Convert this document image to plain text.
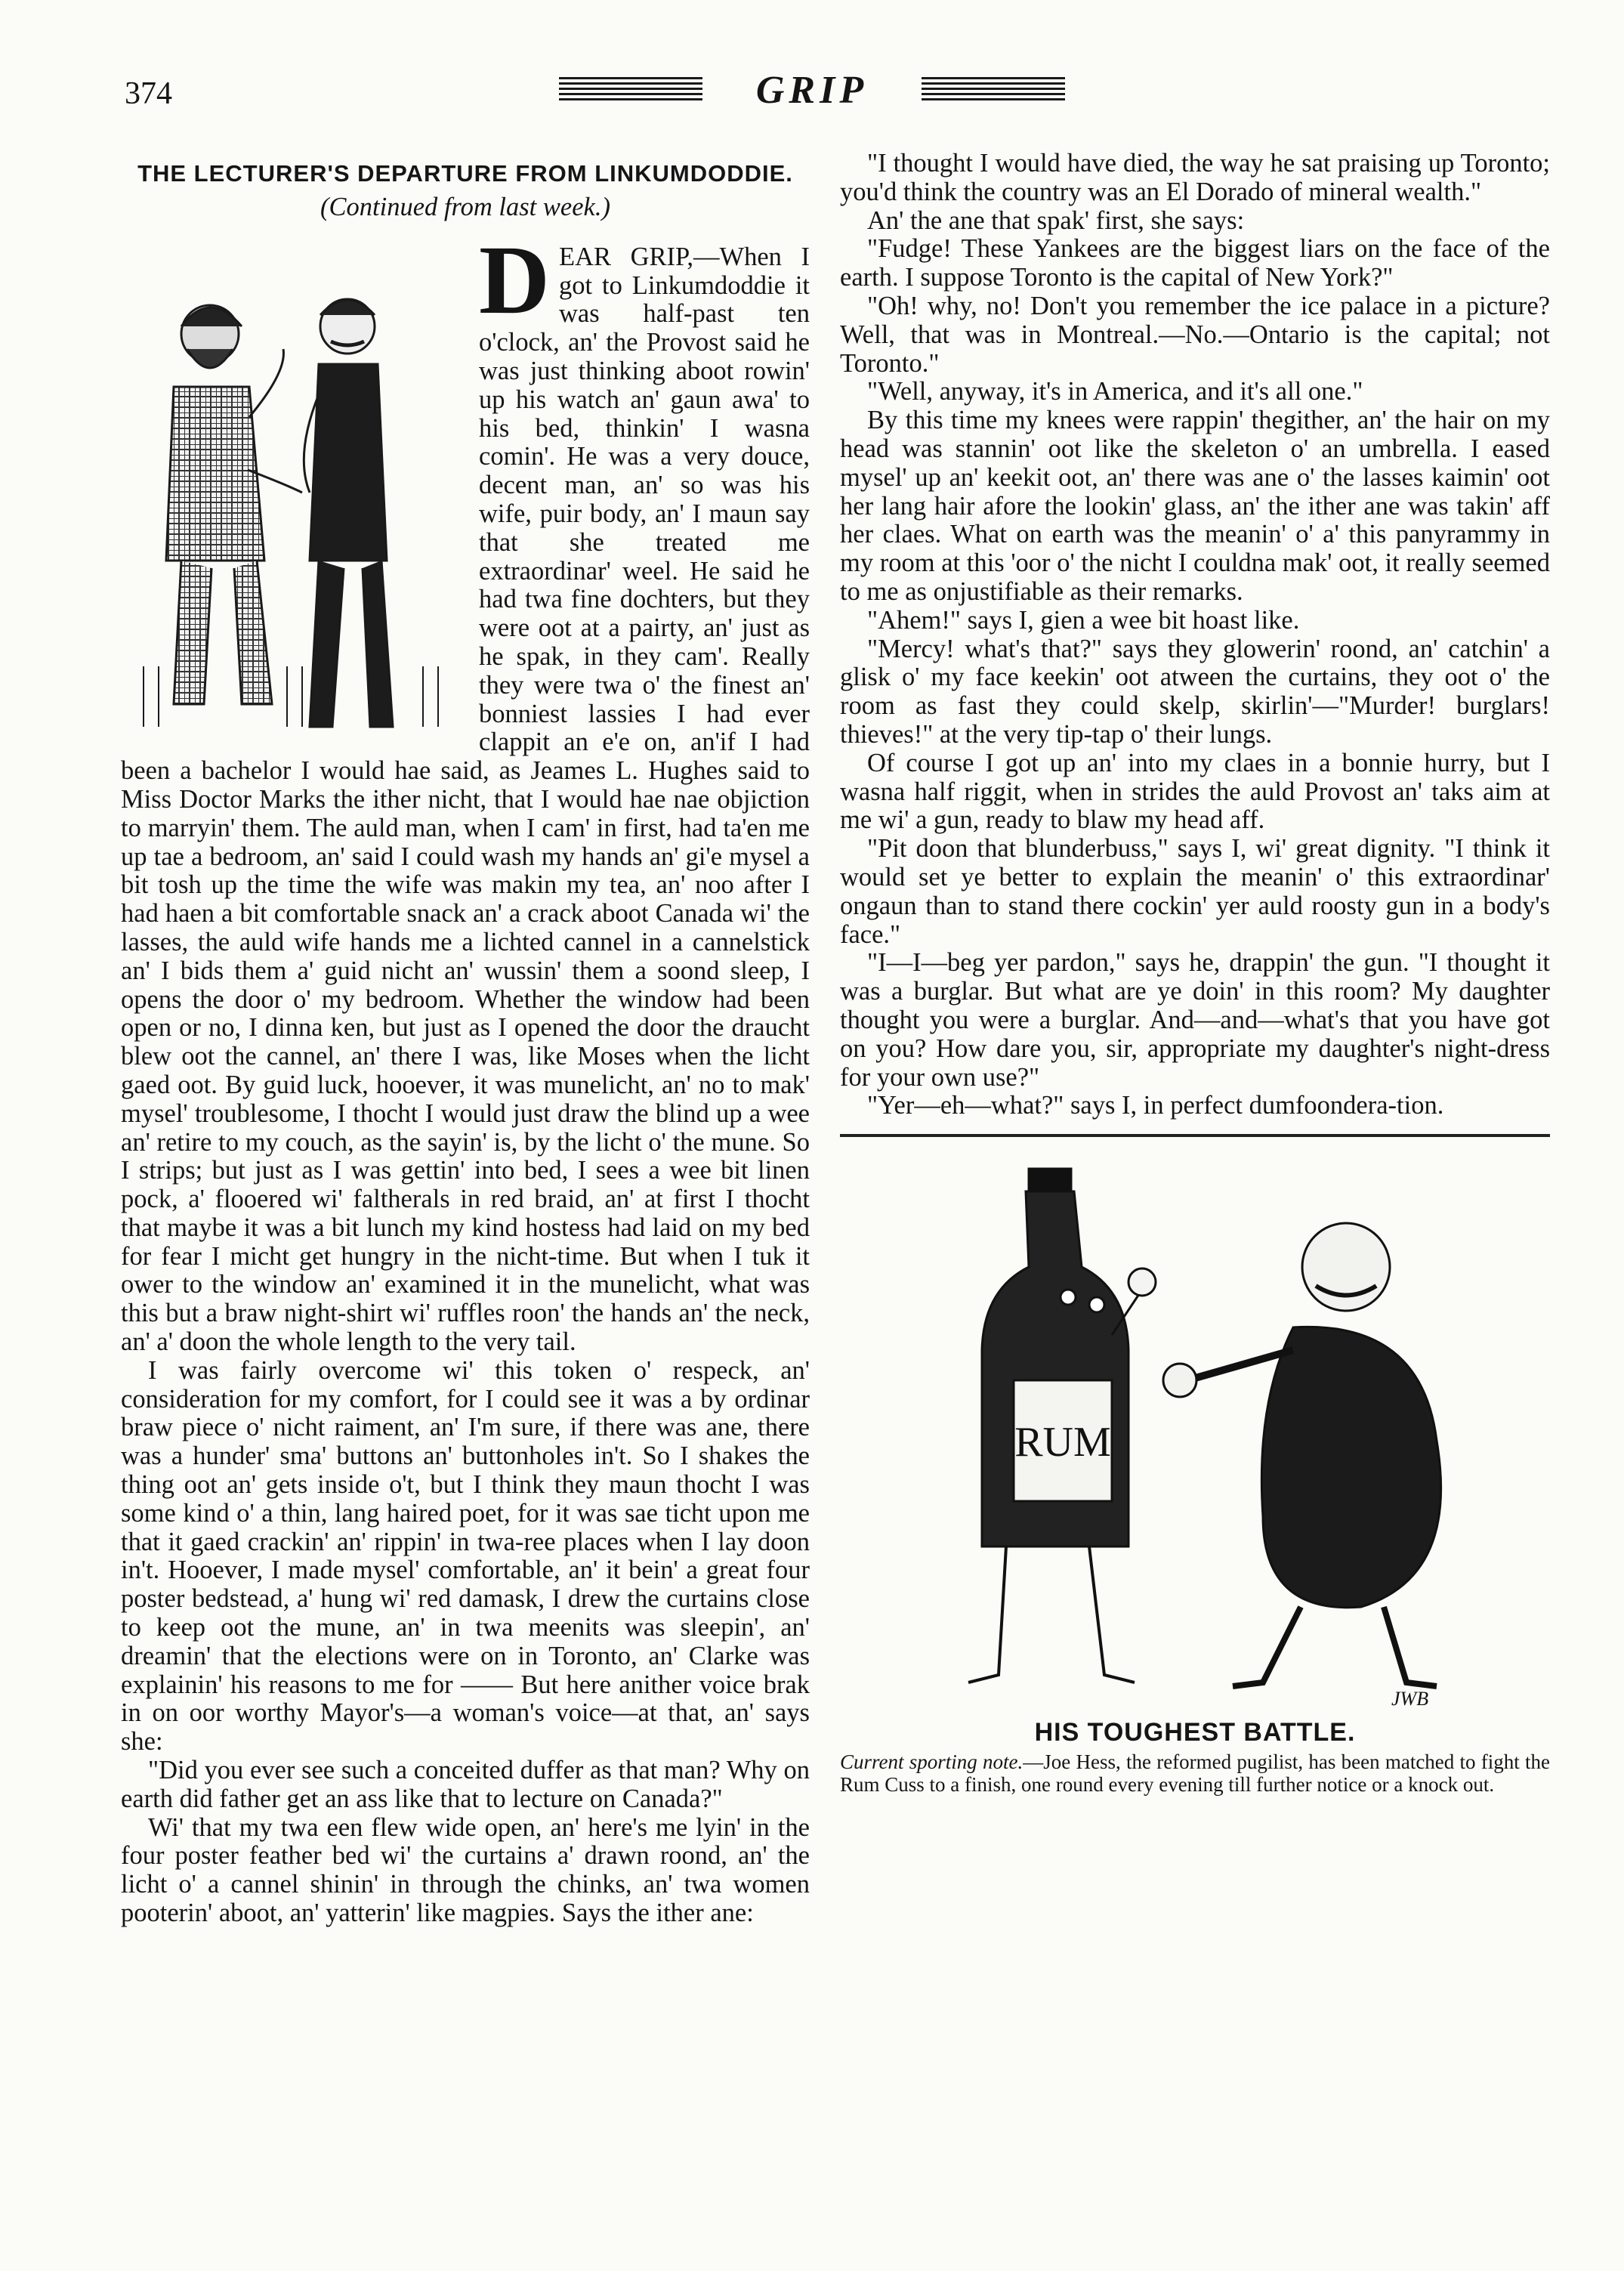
374	GRIP

THE LECTURER'S DEPARTURE FROM LINKUMDODDIE.

(Continued from last week.)

D EAR GRIP,—When I got to Linkumdoddie it was half-past ten o'clock, an' the Provost said he was just thinking aboot rowin' up his watch an' gaun awa' to his bed, thinkin' I wasna comin'. He was a very douce, decent man, an' so was his wife, puir body, an' I maun say that she treated me extraordinar' weel. He said he had twa fine dochters, but they were oot at a pairty, an' just as he spak, in they cam'. Really they were twa o' the finest an' bonniest lassies I had ever clappit an e'e on, an'if I had been a bachelor I would hae said, as Jeames L. Hughes said to Miss Doctor Marks the ither nicht, that I would hae nae objiction to marryin' them. The auld man, when I cam' in first, had ta'en me up tae a bedroom, an' said I could wash my hands an' gi'e mysel a bit tosh up the time the wife was makin my tea, an' noo after I had haen a bit comfortable snack an' a crack aboot Canada wi' the lasses, the auld wife hands me a lichted cannel in a cannelstick an' I bids them a' guid nicht an' wussin' them a soond sleep, I opens the door o' my bedroom. Whether the window had been open or no, I dinna ken, but just as I opened the door the draucht blew oot the cannel, an' there I was, like Moses when the licht gaed oot. By guid luck, hooever, it was munelicht, an' no to mak' mysel' troublesome, I thocht I would just draw the blind up a wee an' retire to my couch, as the sayin' is, by the licht o' the mune. So I strips; but just as I was gettin' into bed, I sees a wee bit linen pock, a' flooered wi' faltherals in red braid, an' at first I thocht that maybe it was a bit lunch my kind hostess had laid on my bed for fear I micht get hungry in the nicht-time. But when I tuk it ower to the window an' examined it in the munelicht, what was this but a braw night-shirt wi' ruffles roon' the hands an' the neck, an' a' doon the whole length to the very tail.

I was fairly overcome wi' this token o' respeck, an' consideration for my comfort, for I could see it was a by ordinar braw piece o' nicht raiment, an' I'm sure, if there was ane, there was a hunder' sma' buttons an' buttonholes in't. So I shakes the thing oot an' gets inside o't, but I think they maun thocht I was some kind o' a thin, lang haired poet, for it was sae ticht upon me that it gaed crackin' an' rippin' in twa-ree places when I lay doon in't. Hooever, I made mysel' comfortable, an' it bein' a great four poster bedstead, a' hung wi' red damask, I drew the curtains close to keep oot the mune, an' in twa meenits was sleepin', an' dreamin' that the elections were on in Toronto, an' Clarke was explainin' his reasons to me for —— But here anither voice brak in on oor worthy Mayor's—a woman's voice—at that, an' says she:

"Did you ever see such a conceited duffer as that man? Why on earth did father get an ass like that to lecture on Canada?"

Wi' that my twa een flew wide open, an' here's me lyin' in the four poster feather bed wi' the curtains a' drawn roond, an' the licht o' a cannel shinin' in through the chinks, an' twa women pooterin' aboot, an' yatterin' like magpies. Says the ither ane:

"I thought I would have died, the way he sat praising up Toronto; you'd think the country was an El Dorado of mineral wealth."

An' the ane that spak' first, she says:

"Fudge! These Yankees are the biggest liars on the face of the earth. I suppose Toronto is the capital of New York?"

"Oh! why, no! Don't you remember the ice palace in a picture? Well, that was in Montreal.—No.—Ontario is the capital; not Toronto."

"Well, anyway, it's in America, and it's all one."

By this time my knees were rappin' thegither, an' the hair on my head was stannin' oot like the skeleton o' an umbrella. I eased mysel' up an' keekit oot, an' there was ane o' the lasses kaimin' oot her lang hair afore the lookin' glass, an' the ither ane was takin' aff her claes. What on earth was the meanin' o' a' this panyrammy in my room at this 'oor o' the nicht I couldna mak' oot, it really seemed to me as onjustifiable as their remarks.

"Ahem!" says I, gien a wee bit hoast like.

"Mercy! what's that?" says they glowerin' roond, an' catchin' a glisk o' my face keekin' oot atween the curtains, they oot o' the room as fast they could skelp, skirlin'—"Murder! burglars! thieves!" at the very tip-tap o' their lungs.

Of course I got up an' into my claes in a bonnie hurry, but I wasna half riggit, when in strides the auld Provost an' taks aim at me wi' a gun, ready to blaw my head aff.

"Pit doon that blunderbuss," says I, wi' great dignity. "I think it would set ye better to explain the meanin' o' this extraordinar' ongaun than to stand there cockin' yer auld roosty gun in a body's face."

"I—I—beg yer pardon," says he, drappin' the gun. "I thought it was a burglar. But what are ye doin' in this room? My daughter thought you were a burglar. And—and—what's that you have got on you? How dare you, sir, appropriate my daughter's night-dress for your own use?"

"Yer—eh—what?" says I, in perfect dumfoondera-tion.

RUM
JWB
HIS TOUGHEST BATTLE.
Current sporting note.—Joe Hess, the reformed pugilist, has been matched to fight the Rum Cuss to a finish, one round every evening till further notice or a knock out.
